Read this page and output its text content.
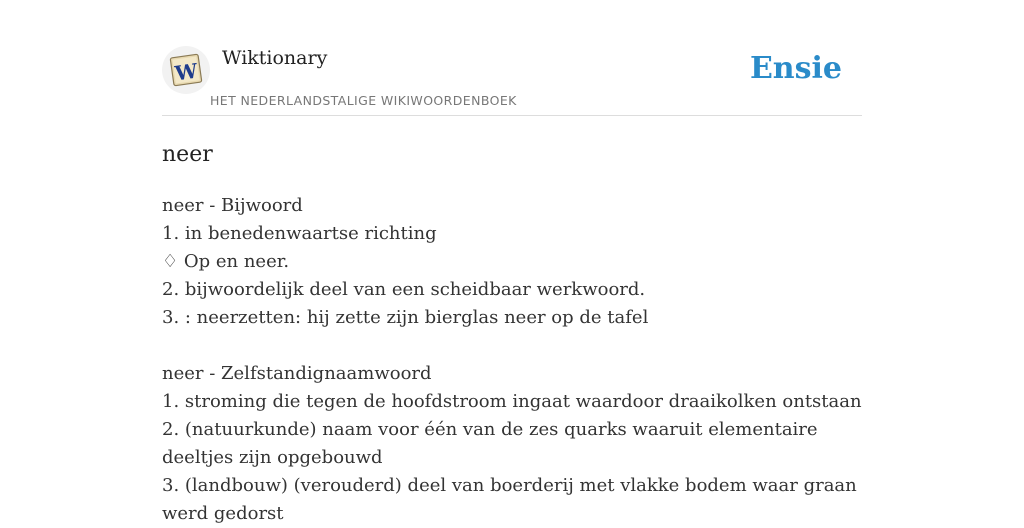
W
Wiktionary
HET NEDERLANDSTALIGE WIKIWOORDENBOEK
Ensie
neer

neer - Bijwoord

1. in benedenwaartse richting

♢ Op en neer.

2. bijwoordelijk deel van een scheidbaar werkwoord.

3. : neerzetten: hij zette zijn bierglas neer op de tafel

neer - Zelfstandignaamwoord

1. stroming die tegen de hoofdstroom ingaat waardoor draaikolken ontstaan

2. (natuurkunde) naam voor één van de zes quarks waaruit elementaire deeltjes zijn opgebouwd

3. (landbouw) (verouderd) deel van boerderij met vlakke bodem waar graan werd gedorst
